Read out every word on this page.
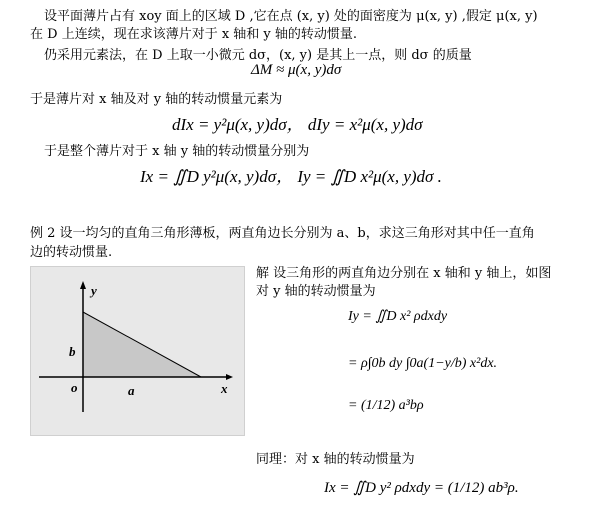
设平面薄片占有 xoy 面上的区域 D ,它在点 (x, y) 处的面密度为 μ(x, y) ,假定 μ(x, y)
在 D 上连续，现在求该薄片对于 x 轴和 y 轴的转动惯量.
仍采用元素法，在 D 上取一小微元 dσ，(x, y) 是其上一点，则 dσ 的质量
ΔM ≈ μ(x, y)dσ
于是薄片对 x 轴及对 y 轴的转动惯量元素为
dIx = y²μ(x, y)dσ， dIy = x²μ(x, y)dσ
于是整个薄片对于 x 轴 y 轴的转动惯量分别为
Ix = ∬D y²μ(x, y)dσ， Iy = ∬D x²μ(x, y)dσ .
例 2 设一均匀的直角三角形薄板，两直角边长分别为 a、b，求这三角形对其中任一直角
边的转动惯量.
y
x
b
a
o
解 设三角形的两直角边分别在 x 轴和 y 轴上，如图
对 y 轴的转动惯量为
Iy = ∬D x² ρdxdy
= ρ∫0b dy ∫0a(1−y/b) x²dx.
= (1/12) a³bρ
同理：对 x 轴的转动惯量为
Ix = ∬D y² ρdxdy = (1/12) ab³ρ.
